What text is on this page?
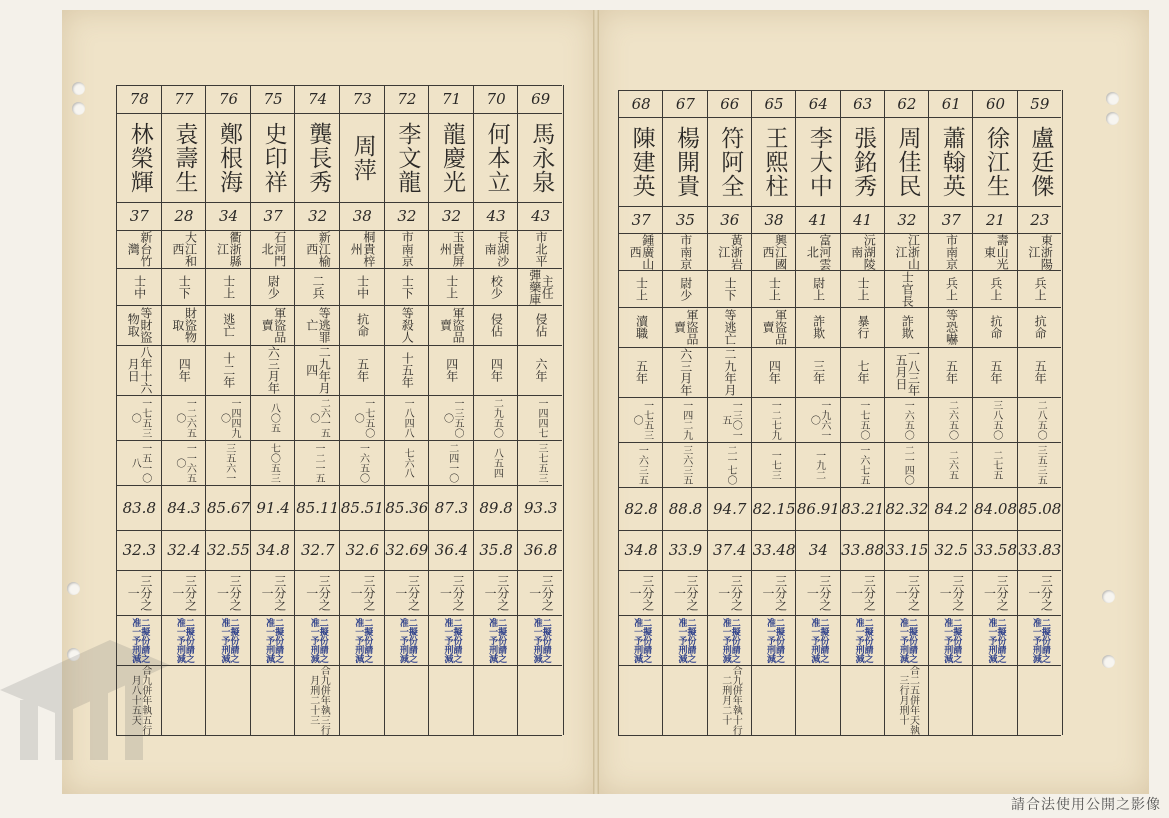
78
林榮輝
37
新台竹灣
士中
等財盜物取
八年十六月日
一七五三〇
一五一〇八
83.8
32.3
三分之一
二擬份請之准一予刑減
合九併年執五行月八十五天
77
袁壽生
28
大江和西
士下
財盜物取
四年
一二六五〇
一一六五〇
84.3
32.4
三分之一
二擬份請之准一予刑減
76
鄭根海
34
衢浙縣江
士上
逃亡
十二年
一四四九〇
三五六一
85.67
32.55
三分之一
二擬份請之准一予刑減
75
史印祥
37
石河門北
尉少
軍盜品賣
六三月年
八〇五
七〇五三
91.4
34.8
三分之一
二擬份請之准一予刑減
74
龔長秀
32
新江榆西
二兵
等逃罪亡
二九年月四
二六一五〇
一二一五
85.11
32.7
三分之一
二擬份請之准一予刑減
合九併年執三行月刑二十三
73
周萍
38
桐貴梓州
士中
抗命
五年
一七五〇〇
一六五〇
85.51
32.6
三分之一
二擬份請之准一予刑減
72
李文龍
32
市南京
士下
等殺人
十五年
一八四八
七六八
85.36
32.69
三分之一
二擬份請之准一予刑減
71
龍慶光
32
玉貴屏州
士上
軍盜品賣
四年
一三五〇〇
二四一〇
87.3
36.4
三分之一
二擬份請之准一予刑減
70
何本立
43
長湖沙南
校少
侵佔
四年
二九五〇
八五四
89.8
35.8
三分之一
二擬份請之准一予刑減
69
馬永泉
43
市北平
主任 彈藥庫
侵佔
六年
一四四七
三七五三
93.3
36.8
三分之一
二擬份請之准一予刑減
68
陳建英
37
鍾廣山西
士上
瀆職
五年
一七五三〇
一六三五
82.8
34.8
三分之一
二擬份請之准一予刑減
67
楊開貴
35
市南京
尉少
軍盜品賣
六三月年
一四二九
三六三五
88.8
33.9
三分之一
二擬份請之准一予刑減
66
符阿全
36
黃浙岩江
士下
等逃亡
二九年月
一三〇一五
二一七〇
94.7
37.4
三分之一
二擬份請之准一予刑減
合九併年執十行二刑月二十
65
王熙柱
38
興江國西
士上
軍盜品賣
四年
一二七九
一七三
82.15
33.48
三分之一
二擬份請之准一予刑減
64
李大中
41
富河雲北
尉上
詐欺
三年
一九六一〇
一九二
86.91
34
三分之一
二擬份請之准一予刑減
63
張銘秀
41
沅湖陵南
士上
暴行
七年
一七五〇
一六七五
83.21
33.88
三分之一
二擬份請之准一予刑減
62
周佳民
32
江浙山江
士官長
詐欺
一八三年五月日
一六五〇
二一四〇
82.32
33.15
三分之一
二擬份請之准一予刑減
合二五併年天執三行月刑十
61
蕭翰英
37
市南京
兵上
等恐嚇
五年
二六五〇
二六五
84.2
32.5
三分之一
二擬份請之准一予刑減
60
徐江生
21
壽山光東
兵上
抗命
五年
三八五〇
二七五
84.08
33.58
三分之一
二擬份請之准一予刑減
59
盧廷傑
23
東浙陽江
兵上
抗命
五年
二八五〇
三五三五
85.08
33.83
三分之一
二擬份請之准一予刑減
請合法使用公開之影像
